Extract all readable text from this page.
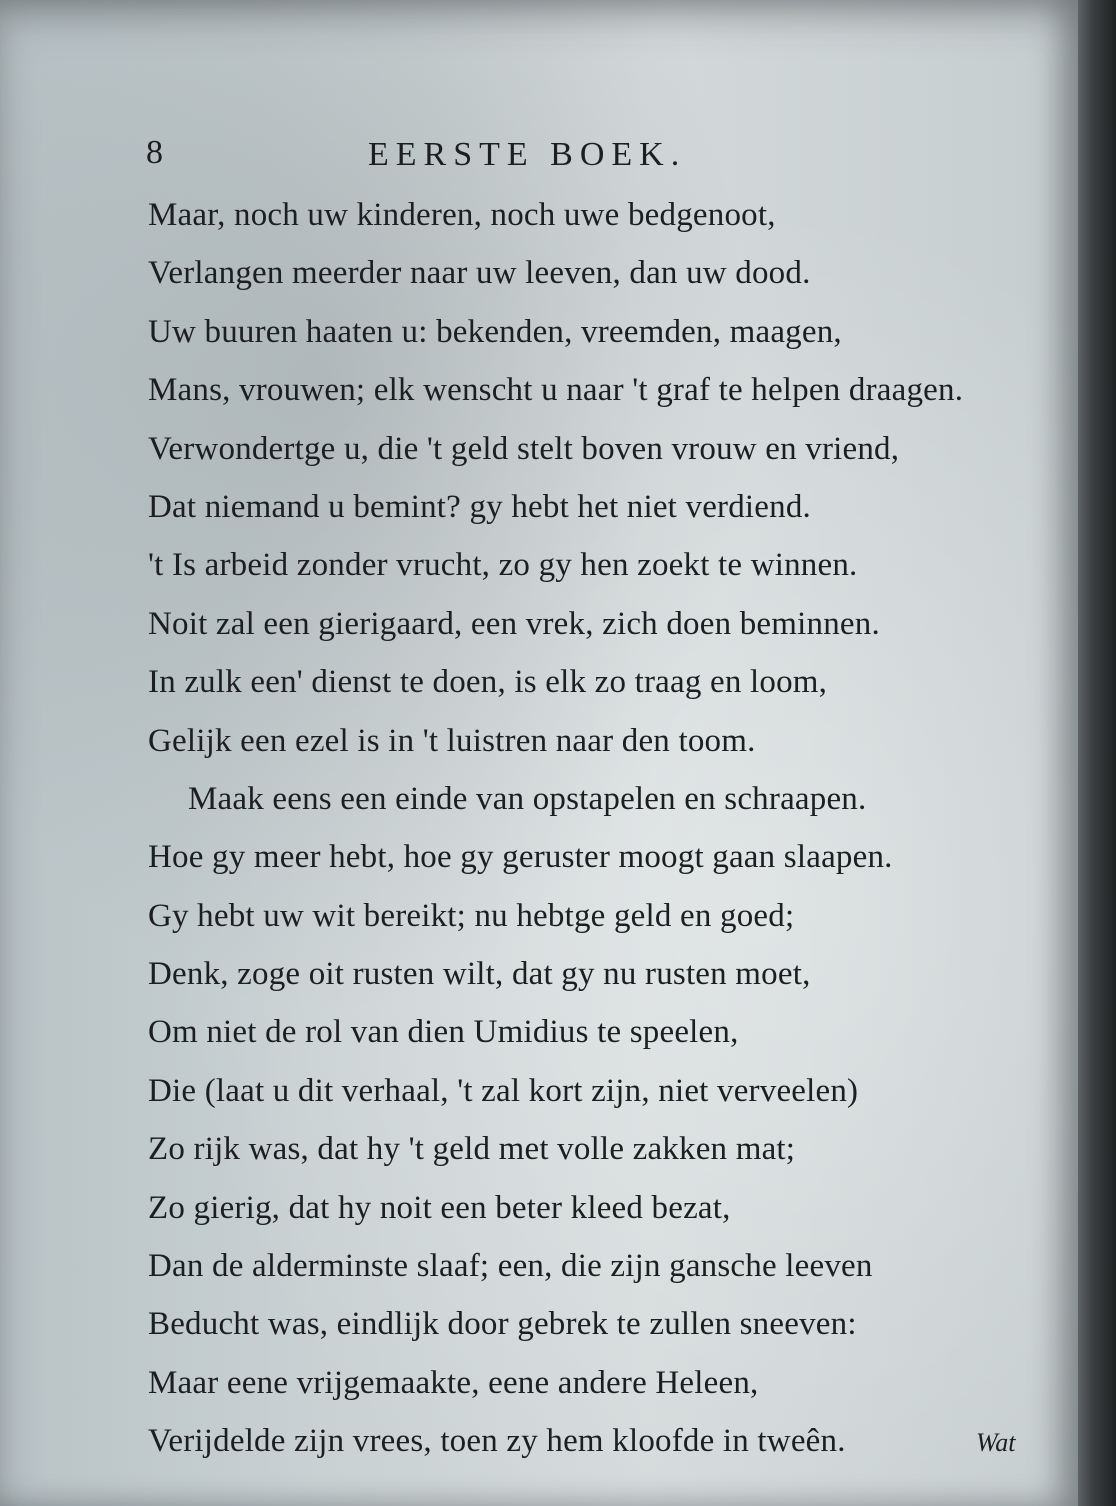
8	EERSTE BOEK.
Maar, noch uw kinderen, noch uwe bedgenoot,
Verlangen meerder naar uw leeven, dan uw dood.
Uw buuren haaten u: bekenden, vreemden, maagen,
Mans, vrouwen; elk wenscht u naar 't graf te helpen draagen.
Verwondertge u, die 't geld stelt boven vrouw en vriend,
Dat niemand u bemint? gy hebt het niet verdiend.
't Is arbeid zonder vrucht, zo gy hen zoekt te winnen.
Noit zal een gierigaard, een vrek, zich doen beminnen.
In zulk een' dienst te doen, is elk zo traag en loom,
Gelijk een ezel is in 't luistren naar den toom.
Maak eens een einde van opstapelen en schraapen.
Hoe gy meer hebt, hoe gy geruster moogt gaan slaapen.
Gy hebt uw wit bereikt; nu hebtge geld en goed;
Denk, zoge oit rusten wilt, dat gy nu rusten moet,
Om niet de rol van dien Umidius te speelen,
Die (laat u dit verhaal, 't zal kort zijn, niet verveelen)
Zo rijk was, dat hy 't geld met volle zakken mat;
Zo gierig, dat hy noit een beter kleed bezat,
Dan de alderminste slaaf; een, die zijn gansche leeven
Beducht was, eindlijk door gebrek te zullen sneeven:
Maar eene vrijgemaakte, eene andere Heleen,
Verijdelde zijn vrees, toen zy hem kloofde in tweên.	Wat
